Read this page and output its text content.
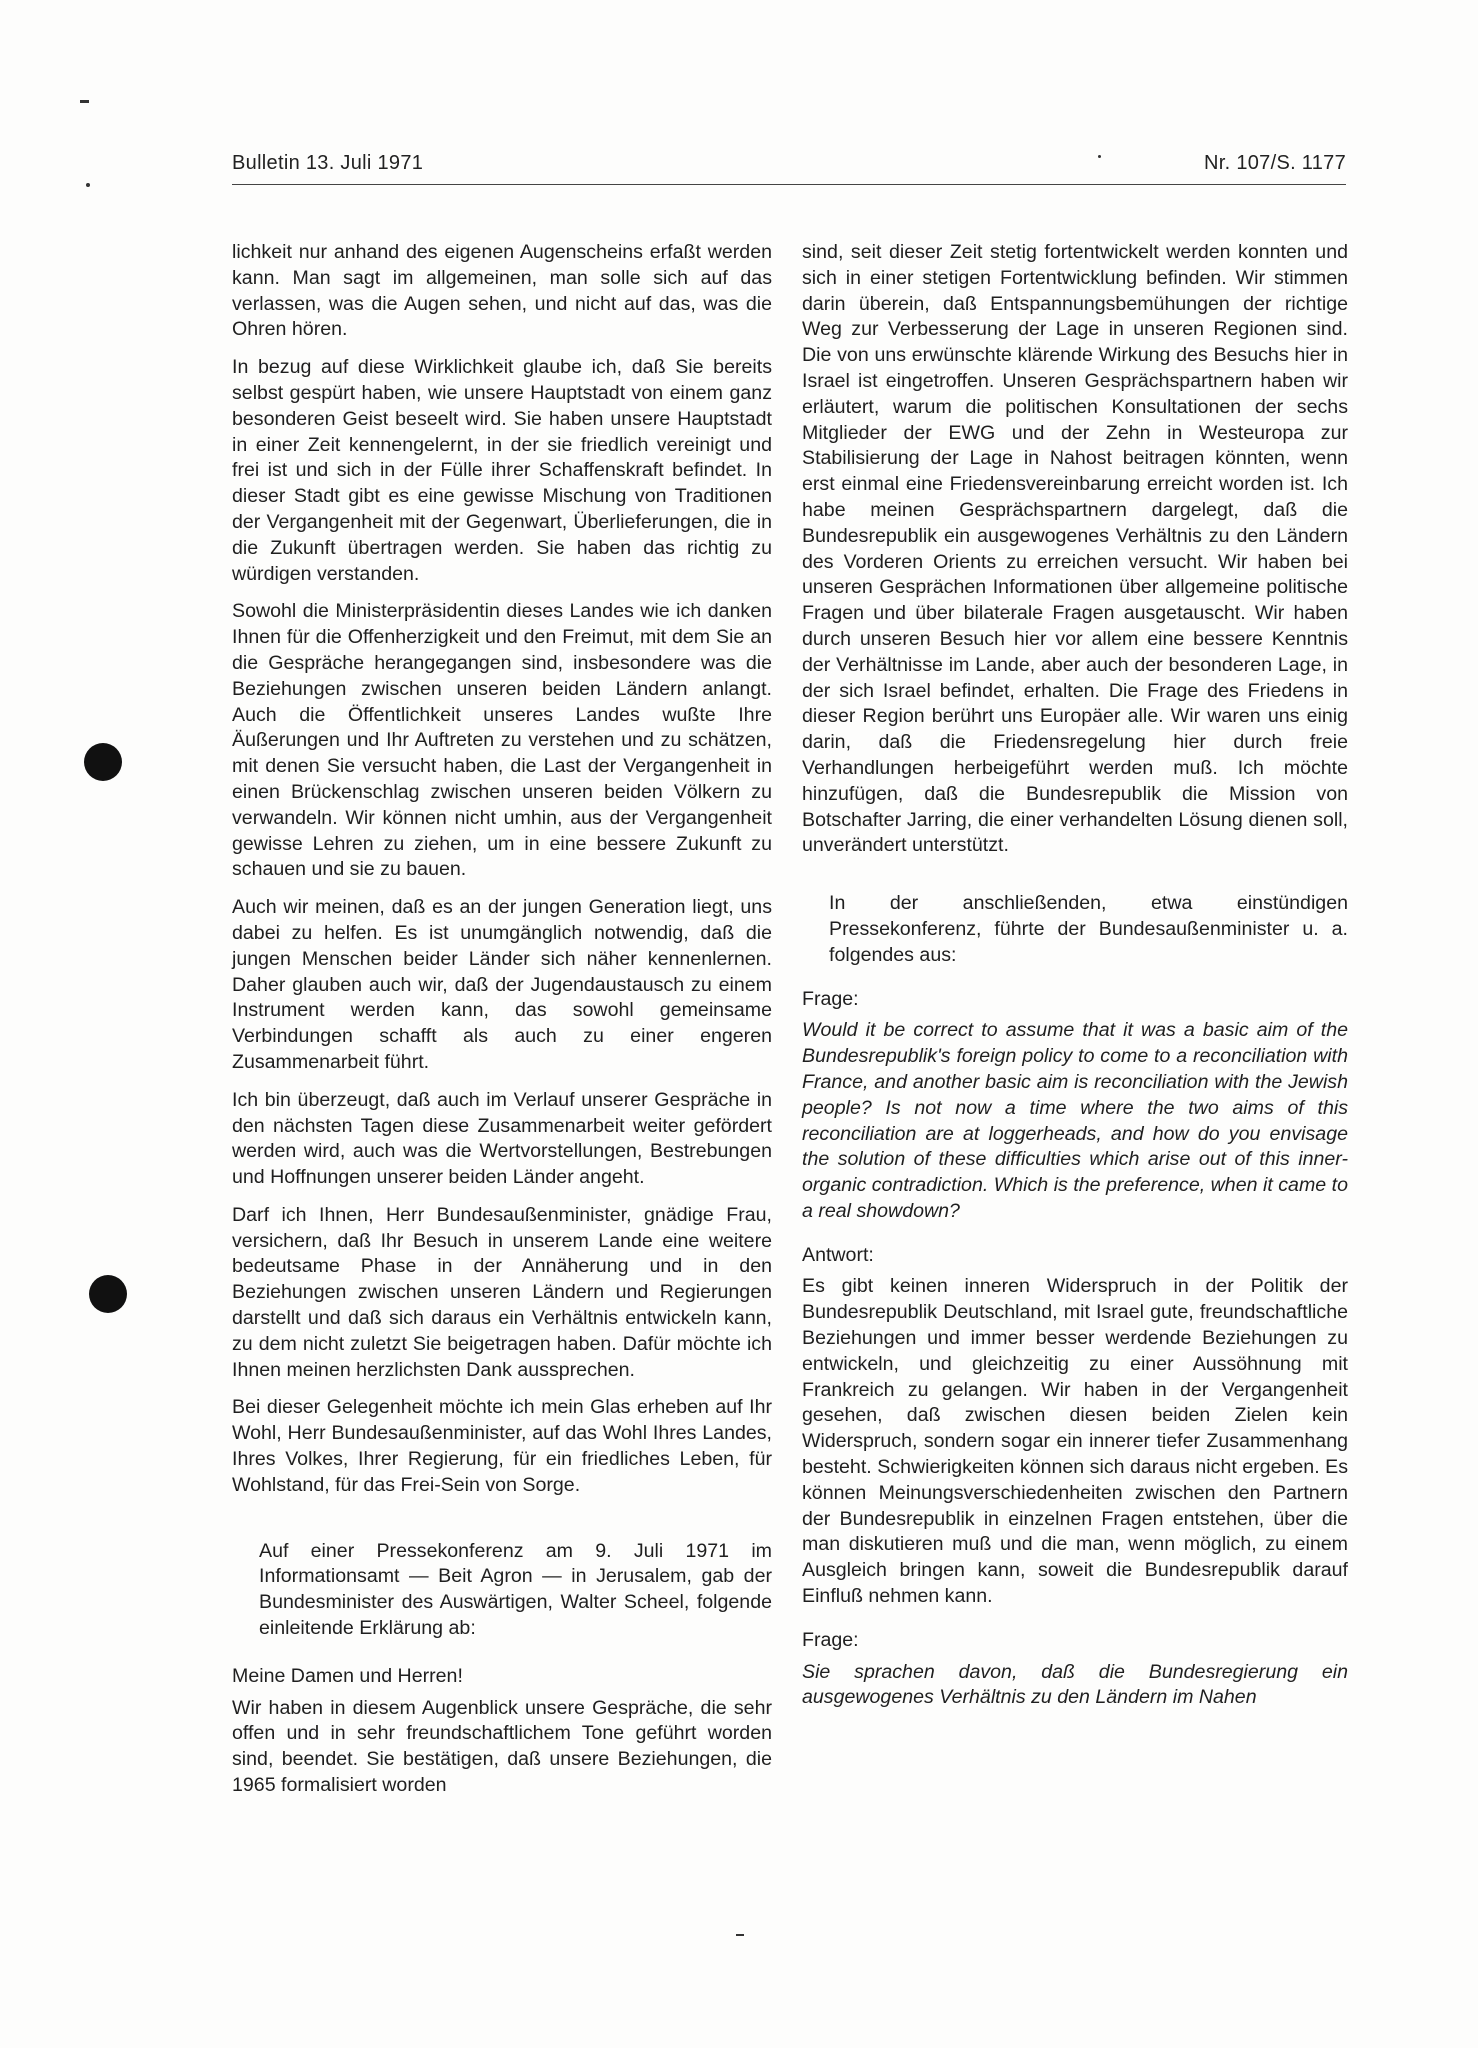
Bulletin 13. Juli 1971	Nr. 107/S. 1177

lichkeit nur anhand des eigenen Augenscheins erfaßt werden kann. Man sagt im allgemeinen, man solle sich auf das verlassen, was die Augen sehen, und nicht auf das, was die Ohren hören.

In bezug auf diese Wirklichkeit glaube ich, daß Sie bereits selbst gespürt haben, wie unsere Hauptstadt von einem ganz besonderen Geist beseelt wird. Sie haben unsere Hauptstadt in einer Zeit kennengelernt, in der sie friedlich vereinigt und frei ist und sich in der Fülle ihrer Schaffenskraft befindet. In dieser Stadt gibt es eine gewisse Mischung von Traditionen der Vergangenheit mit der Gegenwart, Überlieferungen, die in die Zukunft übertragen werden. Sie haben das richtig zu würdigen verstanden.

Sowohl die Ministerpräsidentin dieses Landes wie ich danken Ihnen für die Offenherzigkeit und den Freimut, mit dem Sie an die Gespräche herangegangen sind, insbesondere was die Beziehungen zwischen unseren beiden Ländern anlangt. Auch die Öffentlichkeit unseres Landes wußte Ihre Äußerungen und Ihr Auftreten zu verstehen und zu schätzen, mit denen Sie versucht haben, die Last der Vergangenheit in einen Brückenschlag zwischen unseren beiden Völkern zu verwandeln. Wir können nicht umhin, aus der Vergangenheit gewisse Lehren zu ziehen, um in eine bessere Zukunft zu schauen und sie zu bauen.

Auch wir meinen, daß es an der jungen Generation liegt, uns dabei zu helfen. Es ist unumgänglich notwendig, daß die jungen Menschen beider Länder sich näher kennenlernen. Daher glauben auch wir, daß der Jugendaustausch zu einem Instrument werden kann, das sowohl gemeinsame Verbindungen schafft als auch zu einer engeren Zusammenarbeit führt.

Ich bin überzeugt, daß auch im Verlauf unserer Gespräche in den nächsten Tagen diese Zusammenarbeit weiter gefördert werden wird, auch was die Wertvorstellungen, Bestrebungen und Hoffnungen unserer beiden Länder angeht.

Darf ich Ihnen, Herr Bundesaußenminister, gnädige Frau, versichern, daß Ihr Besuch in unserem Lande eine weitere bedeutsame Phase in der Annäherung und in den Beziehungen zwischen unseren Ländern und Regierungen darstellt und daß sich daraus ein Verhältnis entwickeln kann, zu dem nicht zuletzt Sie beigetragen haben. Dafür möchte ich Ihnen meinen herzlichsten Dank aussprechen.

Bei dieser Gelegenheit möchte ich mein Glas erheben auf Ihr Wohl, Herr Bundesaußenminister, auf das Wohl Ihres Landes, Ihres Volkes, Ihrer Regierung, für ein friedliches Leben, für Wohlstand, für das Frei-Sein von Sorge.

Auf einer Pressekonferenz am 9. Juli 1971 im Informationsamt — Beit Agron — in Jerusalem, gab der Bundesminister des Auswärtigen, Walter Scheel, folgende einleitende Erklärung ab:

Meine Damen und Herren!

Wir haben in diesem Augenblick unsere Gespräche, die sehr offen und in sehr freundschaftlichem Tone geführt worden sind, beendet. Sie bestätigen, daß unsere Beziehungen, die 1965 formalisiert worden

sind, seit dieser Zeit stetig fortentwickelt werden konnten und sich in einer stetigen Fortentwicklung befinden. Wir stimmen darin überein, daß Entspannungsbemühungen der richtige Weg zur Verbesserung der Lage in unseren Regionen sind. Die von uns erwünschte klärende Wirkung des Besuchs hier in Israel ist eingetroffen. Unseren Gesprächspartnern haben wir erläutert, warum die politischen Konsultationen der sechs Mitglieder der EWG und der Zehn in Westeuropa zur Stabilisierung der Lage in Nahost beitragen könnten, wenn erst einmal eine Friedensvereinbarung erreicht worden ist. Ich habe meinen Gesprächspartnern dargelegt, daß die Bundesrepublik ein ausgewogenes Verhältnis zu den Ländern des Vorderen Orients zu erreichen versucht. Wir haben bei unseren Gesprächen Informationen über allgemeine politische Fragen und über bilaterale Fragen ausgetauscht. Wir haben durch unseren Besuch hier vor allem eine bessere Kenntnis der Verhältnisse im Lande, aber auch der besonderen Lage, in der sich Israel befindet, erhalten. Die Frage des Friedens in dieser Region berührt uns Europäer alle. Wir waren uns einig darin, daß die Friedensregelung hier durch freie Verhandlungen herbeigeführt werden muß. Ich möchte hinzufügen, daß die Bundesrepublik die Mission von Botschafter Jarring, die einer verhandelten Lösung dienen soll, unverändert unterstützt.

In der anschließenden, etwa einstündigen Pressekonferenz, führte der Bundesaußenminister u. a. folgendes aus:

Frage:

Would it be correct to assume that it was a basic aim of the Bundesrepublik's foreign policy to come to a reconciliation with France, and another basic aim is reconciliation with the Jewish people? Is not now a time where the two aims of this reconciliation are at loggerheads, and how do you envisage the solution of these difficulties which arise out of this inner-organic contradiction. Which is the preference, when it came to a real showdown?

Antwort:

Es gibt keinen inneren Widerspruch in der Politik der Bundesrepublik Deutschland, mit Israel gute, freundschaftliche Beziehungen und immer besser werdende Beziehungen zu entwickeln, und gleichzeitig zu einer Aussöhnung mit Frankreich zu gelangen. Wir haben in der Vergangenheit gesehen, daß zwischen diesen beiden Zielen kein Widerspruch, sondern sogar ein innerer tiefer Zusammenhang besteht. Schwierigkeiten können sich daraus nicht ergeben. Es können Meinungsverschiedenheiten zwischen den Partnern der Bundesrepublik in einzelnen Fragen entstehen, über die man diskutieren muß und die man, wenn möglich, zu einem Ausgleich bringen kann, soweit die Bundesrepublik darauf Einfluß nehmen kann.

Frage:

Sie sprachen davon, daß die Bundesregierung ein ausgewogenes Verhältnis zu den Ländern im Nahen
